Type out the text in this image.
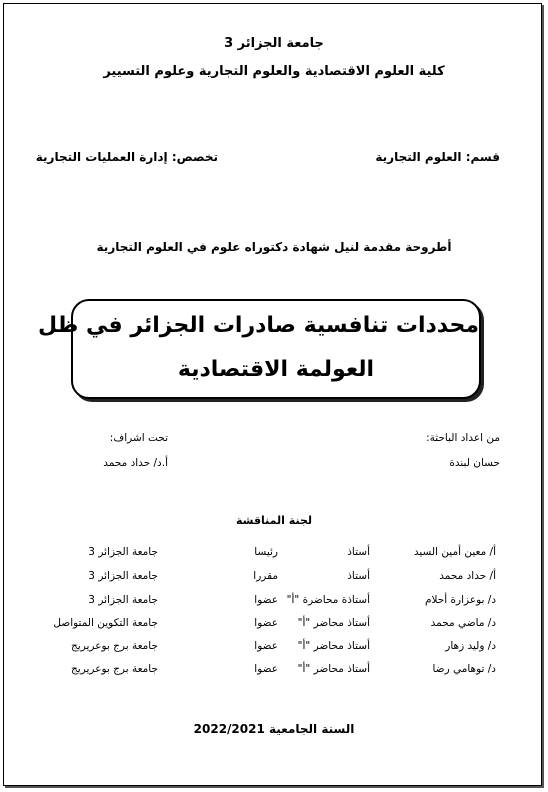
جامعة الجزائر 3
كلية العلوم الاقتصادية والعلوم التجارية وعلوم التسيير
قسم: العلوم التجارية
تخصص: إدارة العمليات التجارية
أطروحة مقدمة لنيل شهادة دكتوراه علوم في العلوم التجارية
محددات تنافسية صادرات الجزائر في ظل
العولمة الاقتصادية
من اعداد الباحثة:
حسان لبندة
تحت اشراف:
أ.د/ حداد محمد
لجنة المناقشة
أ/ معين أمين السيد
أستاذ
رئيسا
جامعة الجزائر 3
أ/ حداد محمد
أستاذ
مقررا
جامعة الجزائر 3
د/ بوعزارة أحلام
أستاذة محاضرة "أ"
عضوا
جامعة الجزائر 3
د/ ماضي محمد
أستاذ محاضر "أ"
عضوا
جامعة التكوين المتواصل
د/ وليد زهار
أستاذ محاضر "أ"
عضوا
جامعة برج بوعريريج
د/ توهامي رضا
أستاذ محاضر "أ"
عضوا
جامعة برج بوعريريج
السنة الجامعية 2022/2021
